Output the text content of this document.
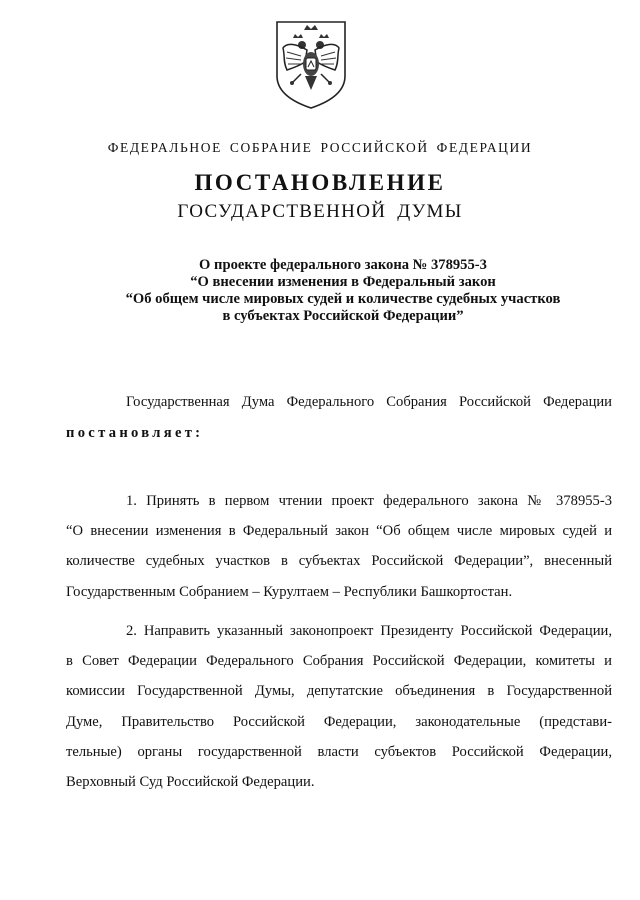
ФЕДЕРАЛЬНОЕ СОБРАНИЕ РОССИЙСКОЙ ФЕДЕРАЦИИ
ПОСТАНОВЛЕНИЕ
ГОСУДАРСТВЕННОЙ ДУМЫ
О проекте федерального закона № 378955-3
“О внесении изменения в Федеральный закон
“Об общем числе мировых судей и количестве судебных участков
в субъектах Российской Федерации”
Государственная Дума Федерального Собрания Российской Федерации
постановляет:
1. Принять в первом чтении проект федерального закона № 378955-3
“О внесении изменения в Федеральный закон “Об общем числе мировых судей и
количестве судебных участков в субъектах Российской Федерации”, внесенный
Государственным Собранием – Курултаем – Республики Башкортостан.
2. Направить указанный законопроект Президенту Российской Федерации,
в Совет Федерации Федерального Собрания Российской Федерации, комитеты и
комиссии Государственной Думы, депутатские объединения в Государственной
Думе, Правительство Российской Федерации, законодательные (представи-
тельные) органы государственной власти субъектов Российской Федерации,
Верховный Суд Российской Федерации.
